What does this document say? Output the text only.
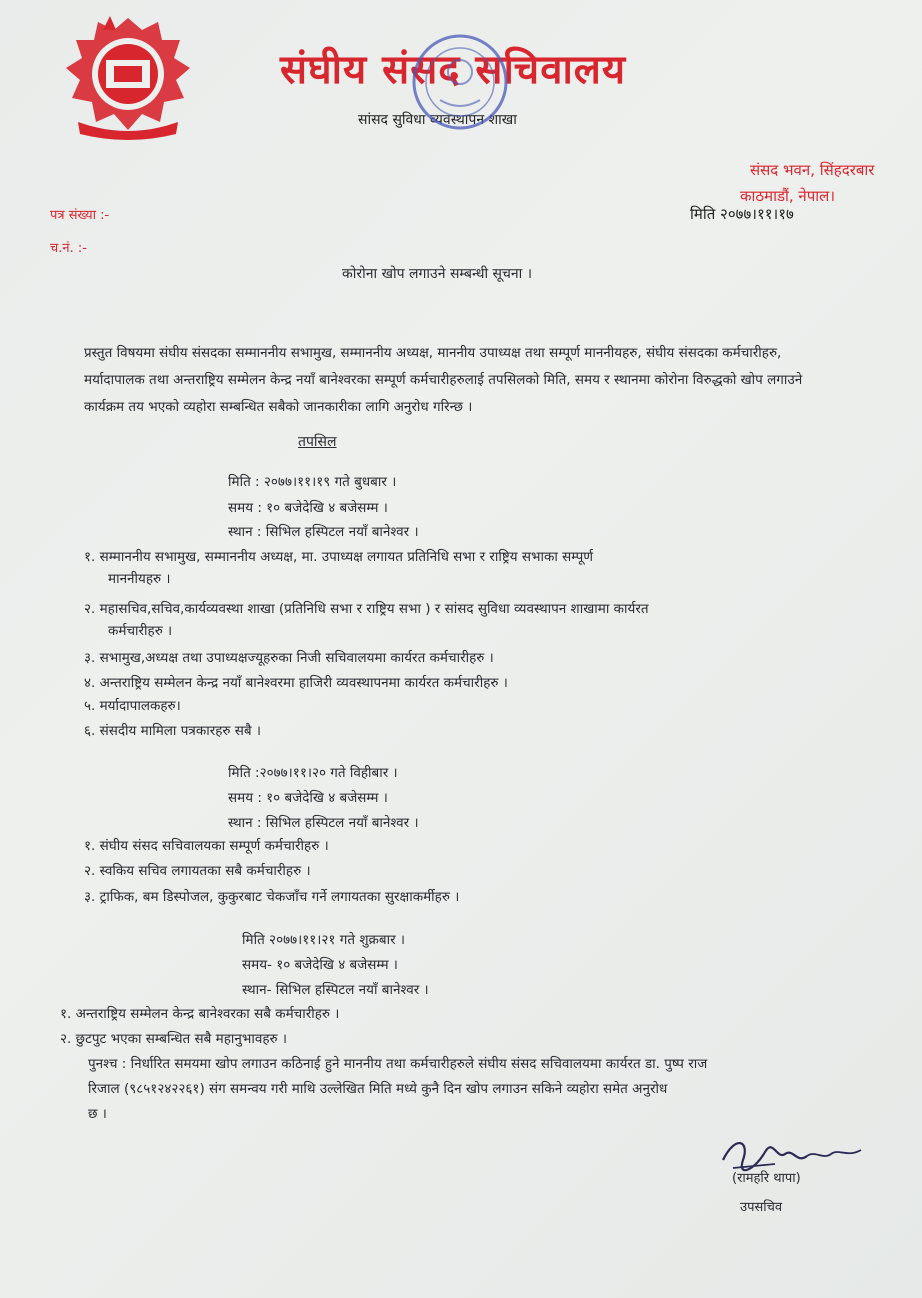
संघीय संसद सचिवालय
सांसद सुविधा व्यवस्थापन शाखा
संसद भवन, सिंहदरबार
काठमाडौं, नेपाल।
मिति २०७७।११।१७
पत्र संख्या :-
च.नं. :-
कोरोना खोप लगाउने सम्बन्धी सूचना ।
प्रस्तुत विषयमा संघीय संसदका सम्माननीय सभामुख, सम्माननीय अध्यक्ष, माननीय उपाध्यक्ष तथा सम्पूर्ण माननीयहरु, संघीय संसदका कर्मचारीहरु, मर्यादापालक तथा अन्तराष्ट्रिय सम्मेलन केन्द्र नयाँ बानेश्वरका सम्पूर्ण कर्मचारीहरुलाई तपसिलको मिति, समय र स्थानमा कोरोना विरुद्धको खोप लगाउने कार्यक्रम तय भएको व्यहोरा सम्बन्धित सबैको जानकारीका लागि अनुरोध गरिन्छ ।
तपसिल
मिति : २०७७।११।१९ गते बुधबार ।
समय : १० बजेदेखि ४ बजेसम्म ।
स्थान : सिभिल हस्पिटल नयाँ बानेश्वर ।
१. सम्माननीय सभामुख, सम्माननीय अध्यक्ष, मा. उपाध्यक्ष लगायत प्रतिनिधि सभा र राष्ट्रिय सभाका सम्पूर्ण
माननीयहरु ।
२. महासचिव,सचिव,कार्यव्यवस्था शाखा (प्रतिनिधि सभा र राष्ट्रिय सभा ) र सांसद सुविधा व्यवस्थापन शाखामा कार्यरत
कर्मचारीहरु ।
३. सभामुख,अध्यक्ष तथा उपाध्यक्षज्यूहरुका निजी सचिवालयमा कार्यरत कर्मचारीहरु ।
४. अन्तराष्ट्रिय सम्मेलन केन्द्र नयाँ बानेश्वरमा हाजिरी व्यवस्थापनमा कार्यरत कर्मचारीहरु ।
५. मर्यादापालकहरु।
६. संसदीय मामिला पत्रकारहरु सबै ।
मिति :२०७७।११।२० गते विहीबार ।
समय : १० बजेदेखि ४ बजेसम्म ।
स्थान : सिभिल हस्पिटल नयाँ बानेश्वर ।
१. संघीय संसद सचिवालयका सम्पूर्ण कर्मचारीहरु ।
२. स्वकिय सचिव लगायतका सबै कर्मचारीहरु ।
३. ट्राफिक, बम डिस्पोजल, कुकुरबाट चेकजाँच गर्ने लगायतका सुरक्षाकर्मीहरु ।
मिति २०७७।११।२१ गते शुक्रबार ।
समय- १० बजेदेखि ४ बजेसम्म ।
स्थान- सिभिल हस्पिटल नयाँ बानेश्वर ।
१. अन्तराष्ट्रिय सम्मेलन केन्द्र बानेश्वरका सबै कर्मचारीहरु ।
२. छुटपुट भएका सम्बन्धित सबै महानुभावहरु ।
पुनश्च : निर्धारित समयमा खोप लगाउन कठिनाई हुने माननीय तथा कर्मचारीहरुले संघीय संसद सचिवालयमा कार्यरत डा. पुष्प राज
रिजाल (९८५१२४२२६१) संग समन्वय गरी माथि उल्लेखित मिति मध्ये कुनै दिन खोप लगाउन सकिने व्यहोरा समेत अनुरोध
छ ।
(रामहरि थापा)
उपसचिव
